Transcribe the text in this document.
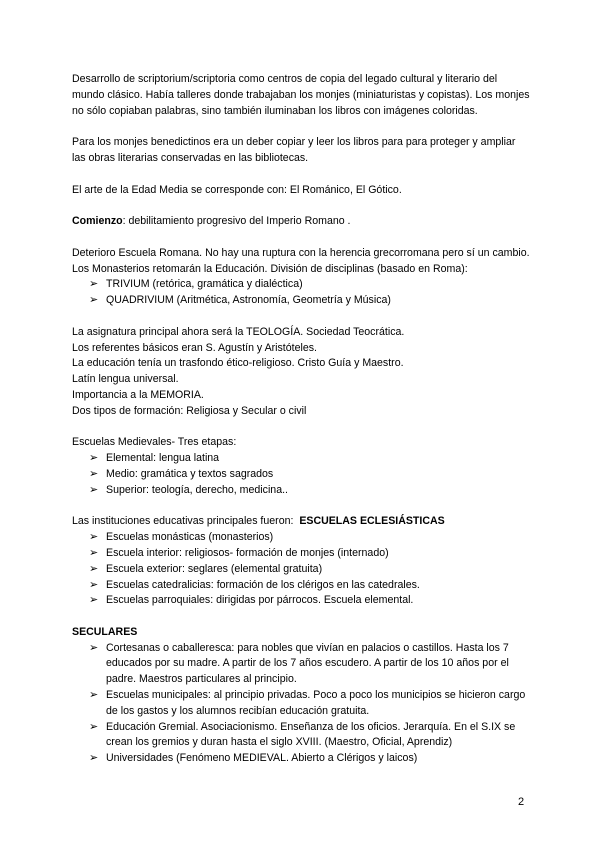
Desarrollo de scriptorium/scriptoria como centros de copia del legado cultural y literario del mundo clásico. Había talleres donde trabajaban los monjes (miniaturistas y copistas). Los monjes no sólo copiaban palabras, sino también iluminaban los libros con imágenes coloridas.

Para los monjes benedictinos era un deber copiar y leer los libros para para proteger y ampliar las obras literarias conservadas en las bibliotecas.

El arte de la Edad Media se corresponde con: El Románico, El Gótico.

Comienzo: debilitamiento progresivo del Imperio Romano .

Deterioro Escuela Romana. No hay una ruptura con la herencia grecorromana pero sí un cambio.

Los Monasterios retomarán la Educación. División de disciplinas (basado en Roma):

➢ TRIVIUM (retórica, gramática y dialéctica)
➢ QUADRIVIUM (Aritmética, Astronomía, Geometría y Música)

La asignatura principal ahora será la TEOLOGÍA. Sociedad Teocrática.

Los referentes básicos eran S. Agustín y Aristóteles.

La educación tenía un trasfondo ético-religioso. Cristo Guía y Maestro.

Latín lengua universal.

Importancia a la MEMORIA.

Dos tipos de formación: Religiosa y Secular o civil

Escuelas Medievales- Tres etapas:

➢ Elemental: lengua latina
➢ Medio: gramática y textos sagrados
➢ Superior: teología, derecho, medicina..

Las instituciones educativas principales fueron: ESCUELAS ECLESIÁSTICAS

➢ Escuelas monásticas (monasterios)
➢ Escuela interior: religiosos- formación de monjes (internado)
➢ Escuela exterior: seglares (elemental gratuita)
➢ Escuelas catedralicias: formación de los clérigos en las catedrales.
➢ Escuelas parroquiales: dirigidas por párrocos. Escuela elemental.

SECULARES

➢ Cortesanas o caballeresca: para nobles que vivían en palacios o castillos. Hasta los 7 educados por su madre. A partir de los 7 años escudero. A partir de los 10 años por el padre. Maestros particulares al principio.
➢ Escuelas municipales: al principio privadas. Poco a poco los municipios se hicieron cargo de los gastos y los alumnos recibían educación gratuita.
➢ Educación Gremial. Asociacionismo. Enseñanza de los oficios. Jerarquía. En el S.IX se crean los gremios y duran hasta el siglo XVIII. (Maestro, Oficial, Aprendiz)
➢ Universidades (Fenómeno MEDIEVAL. Abierto a Clérigos y laicos)
2
